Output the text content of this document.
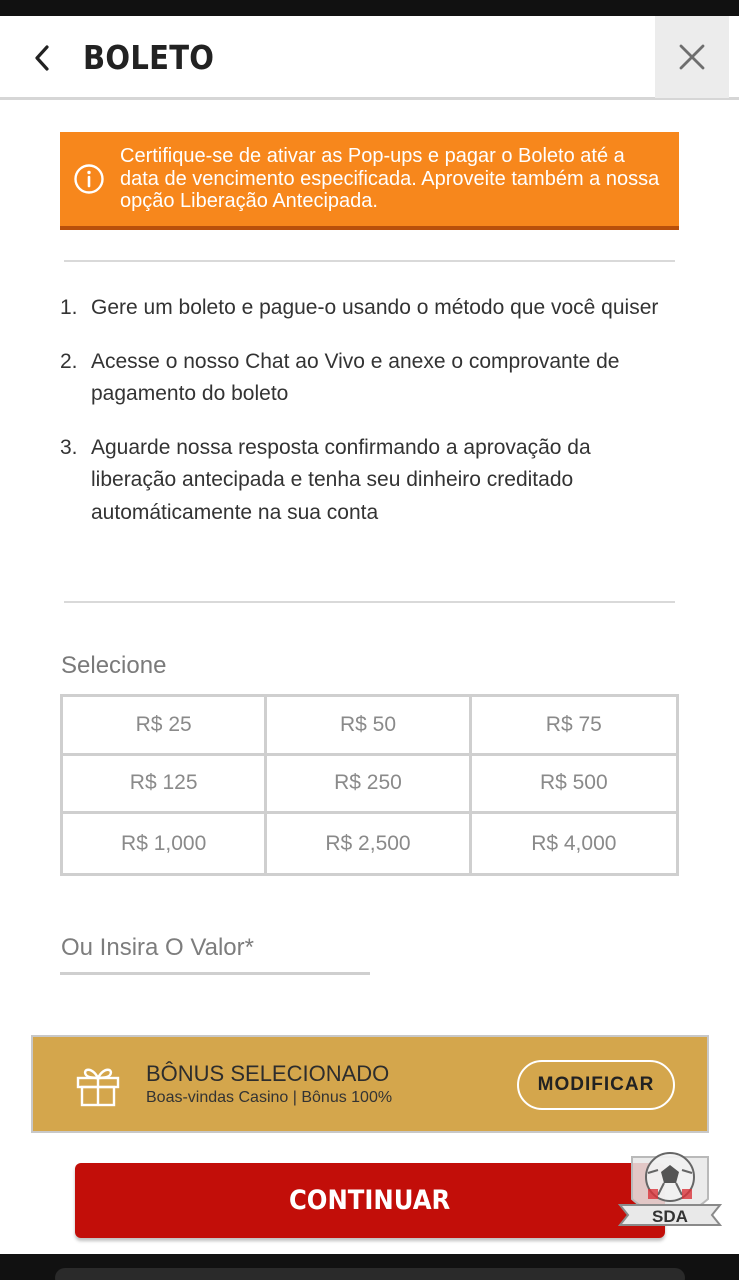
BOLETO
Certifique-se de ativar as Pop-ups e pagar o Boleto até a data de vencimento especificada. Aproveite também a nossa opção Liberação Antecipada.
1. Gere um boleto e pague-o usando o método que você quiser
2. Acesse o nosso Chat ao Vivo e anexe o comprovante de pagamento do boleto
3. Aguarde nossa resposta confirmando a aprovação da liberação antecipada e tenha seu dinheiro creditado automáticamente na sua conta
Selecione
R$ 25	R$ 50	R$ 75
R$ 125	R$ 250	R$ 500
R$ 1,000	R$ 2,500	R$ 4,000
Ou Insira O Valor*
BÔNUS SELECIONADO
Boas-vindas Casino | Bônus 100%
MODIFICAR
CONTINUAR
SDA
